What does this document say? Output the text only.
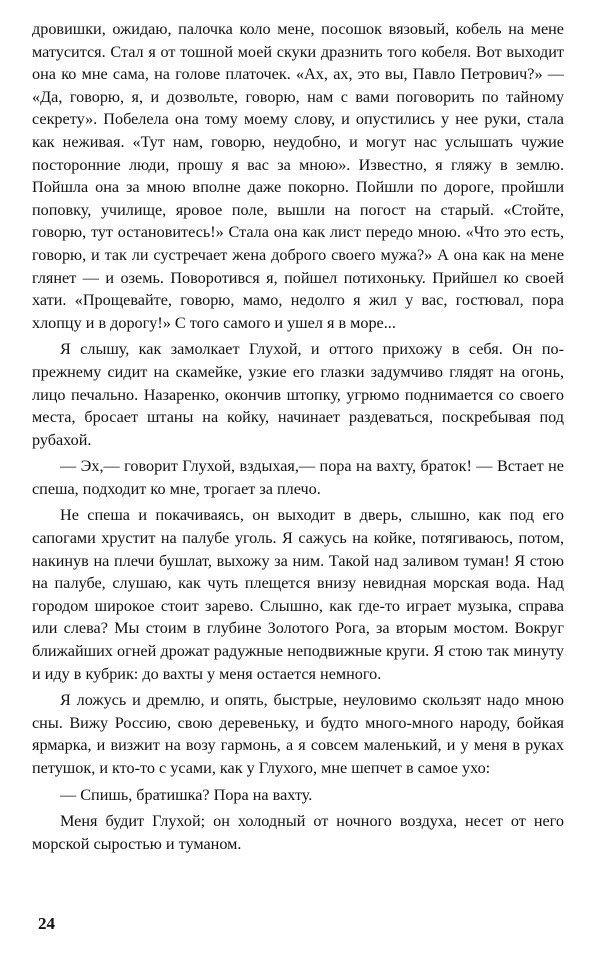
дровишки, ожидаю, палочка коло мене, посошок вязовый, кобель на мене матусится. Стал я от тошной моей скуки дразнить того кобеля. Вот выходит она ко мне сама, на голове платочек. «Ах, ах, это вы, Павло Петрович?» — «Да, говорю, я, и дозвольте, говорю, нам с вами поговорить по тайному секрету». Побелела она тому моему слову, и опустились у нее руки, стала как неживая. «Тут нам, говорю, неудобно, и могут нас услышать чужие посторонние люди, прошу я вас за мною». Известно, я гляжу в землю. Пойшла она за мною вполне даже покорно. Пойшли по дороге, пройшли поповку, училище, яровое поле, вышли на погост на старый. «Стойте, говорю, тут остановитесь!» Стала она как лист передо мною. «Что это есть, говорю, и так ли сустречает жена доброго своего мужа?» А она как на мене глянет — и оземь. Поворотився я, пойшел потихоньку. Прийшел ко своей хати. «Прощевайте, говорю, мамо, недолго я жил у вас, гостювал, пора хлопцу и в дорогу!» С того самого и ушел я в море...

Я слышу, как замолкает Глухой, и оттого прихожу в себя. Он по-прежнему сидит на скамейке, узкие его глазки задумчиво глядят на огонь, лицо печально. Назаренко, окончив штопку, угрюмо поднимается со своего места, бросает штаны на койку, начинает раздеваться, поскребывая под рубахой.

— Эх,— говорит Глухой, вздыхая,— пора на вахту, браток! — Встает не спеша, подходит ко мне, трогает за плечо.

Не спеша и покачиваясь, он выходит в дверь, слышно, как под его сапогами хрустит на палубе уголь. Я сажусь на койке, потягиваюсь, потом, накинув на плечи бушлат, выхожу за ним. Такой над заливом туман! Я стою на палубе, слушаю, как чуть плещется внизу невидная морская вода. Над городом широкое стоит зарево. Слышно, как где-то играет музыка, справа или слева? Мы стоим в глубине Золотого Рога, за вторым мостом. Вокруг ближайших огней дрожат радужные неподвижные круги. Я стою так минуту и иду в кубрик: до вахты у меня остается немного.

Я ложусь и дремлю, и опять, быстрые, неуловимо скользят надо мною сны. Вижу Россию, свою деревеньку, и будто много-много народу, бойкая ярмарка, и визжит на возу гармонь, а я совсем маленький, и у меня в руках петушок, и кто-то с усами, как у Глухого, мне шепчет в самое ухо:

— Спишь, братишка? Пора на вахту.

Меня будит Глухой; он холодный от ночного воздуха, несет от него морской сыростью и туманом.

24
